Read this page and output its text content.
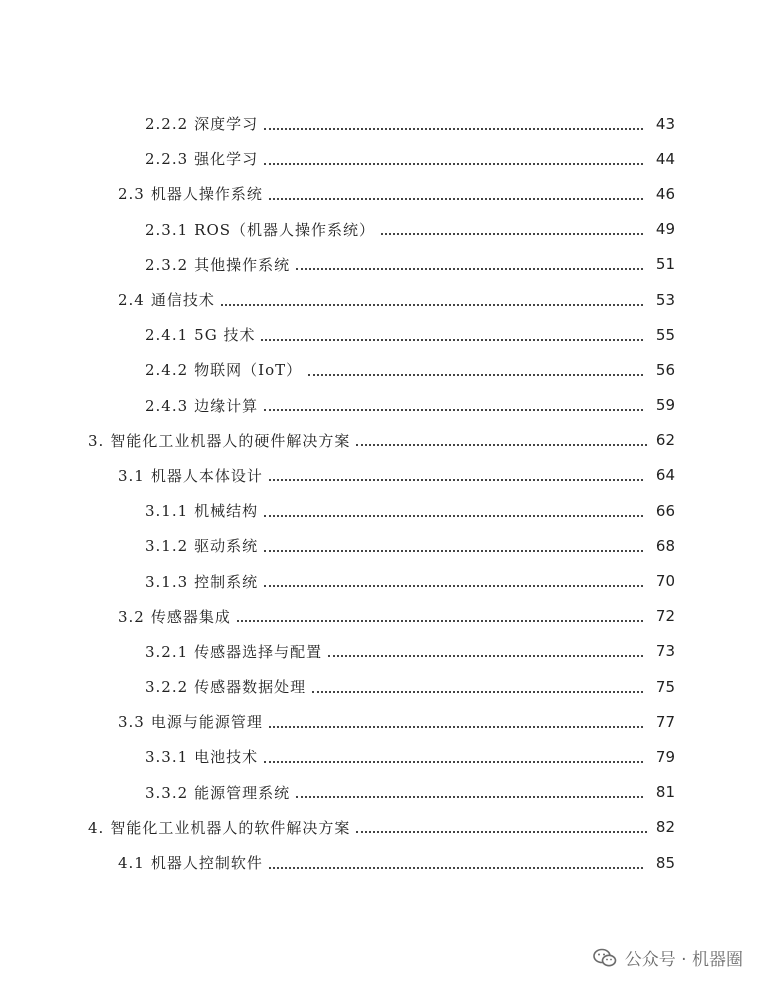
2.2.2 深度学习	43
2.2.3 强化学习	44
2.3 机器人操作系统	46
2.3.1 ROS（机器人操作系统）	49
2.3.2 其他操作系统	51
2.4 通信技术	53
2.4.1 5G 技术	55
2.4.2 物联网（IoT）	56
2.4.3 边缘计算	59
3. 智能化工业机器人的硬件解决方案	62
3.1 机器人本体设计	64
3.1.1 机械结构	66
3.1.2 驱动系统	68
3.1.3 控制系统	70
3.2 传感器集成	72
3.2.1 传感器选择与配置	73
3.2.2 传感器数据处理	75
3.3 电源与能源管理	77
3.3.1 电池技术	79
3.3.2 能源管理系统	81
4. 智能化工业机器人的软件解决方案	82
4.1 机器人控制软件	85
公众号 · 机器圈
